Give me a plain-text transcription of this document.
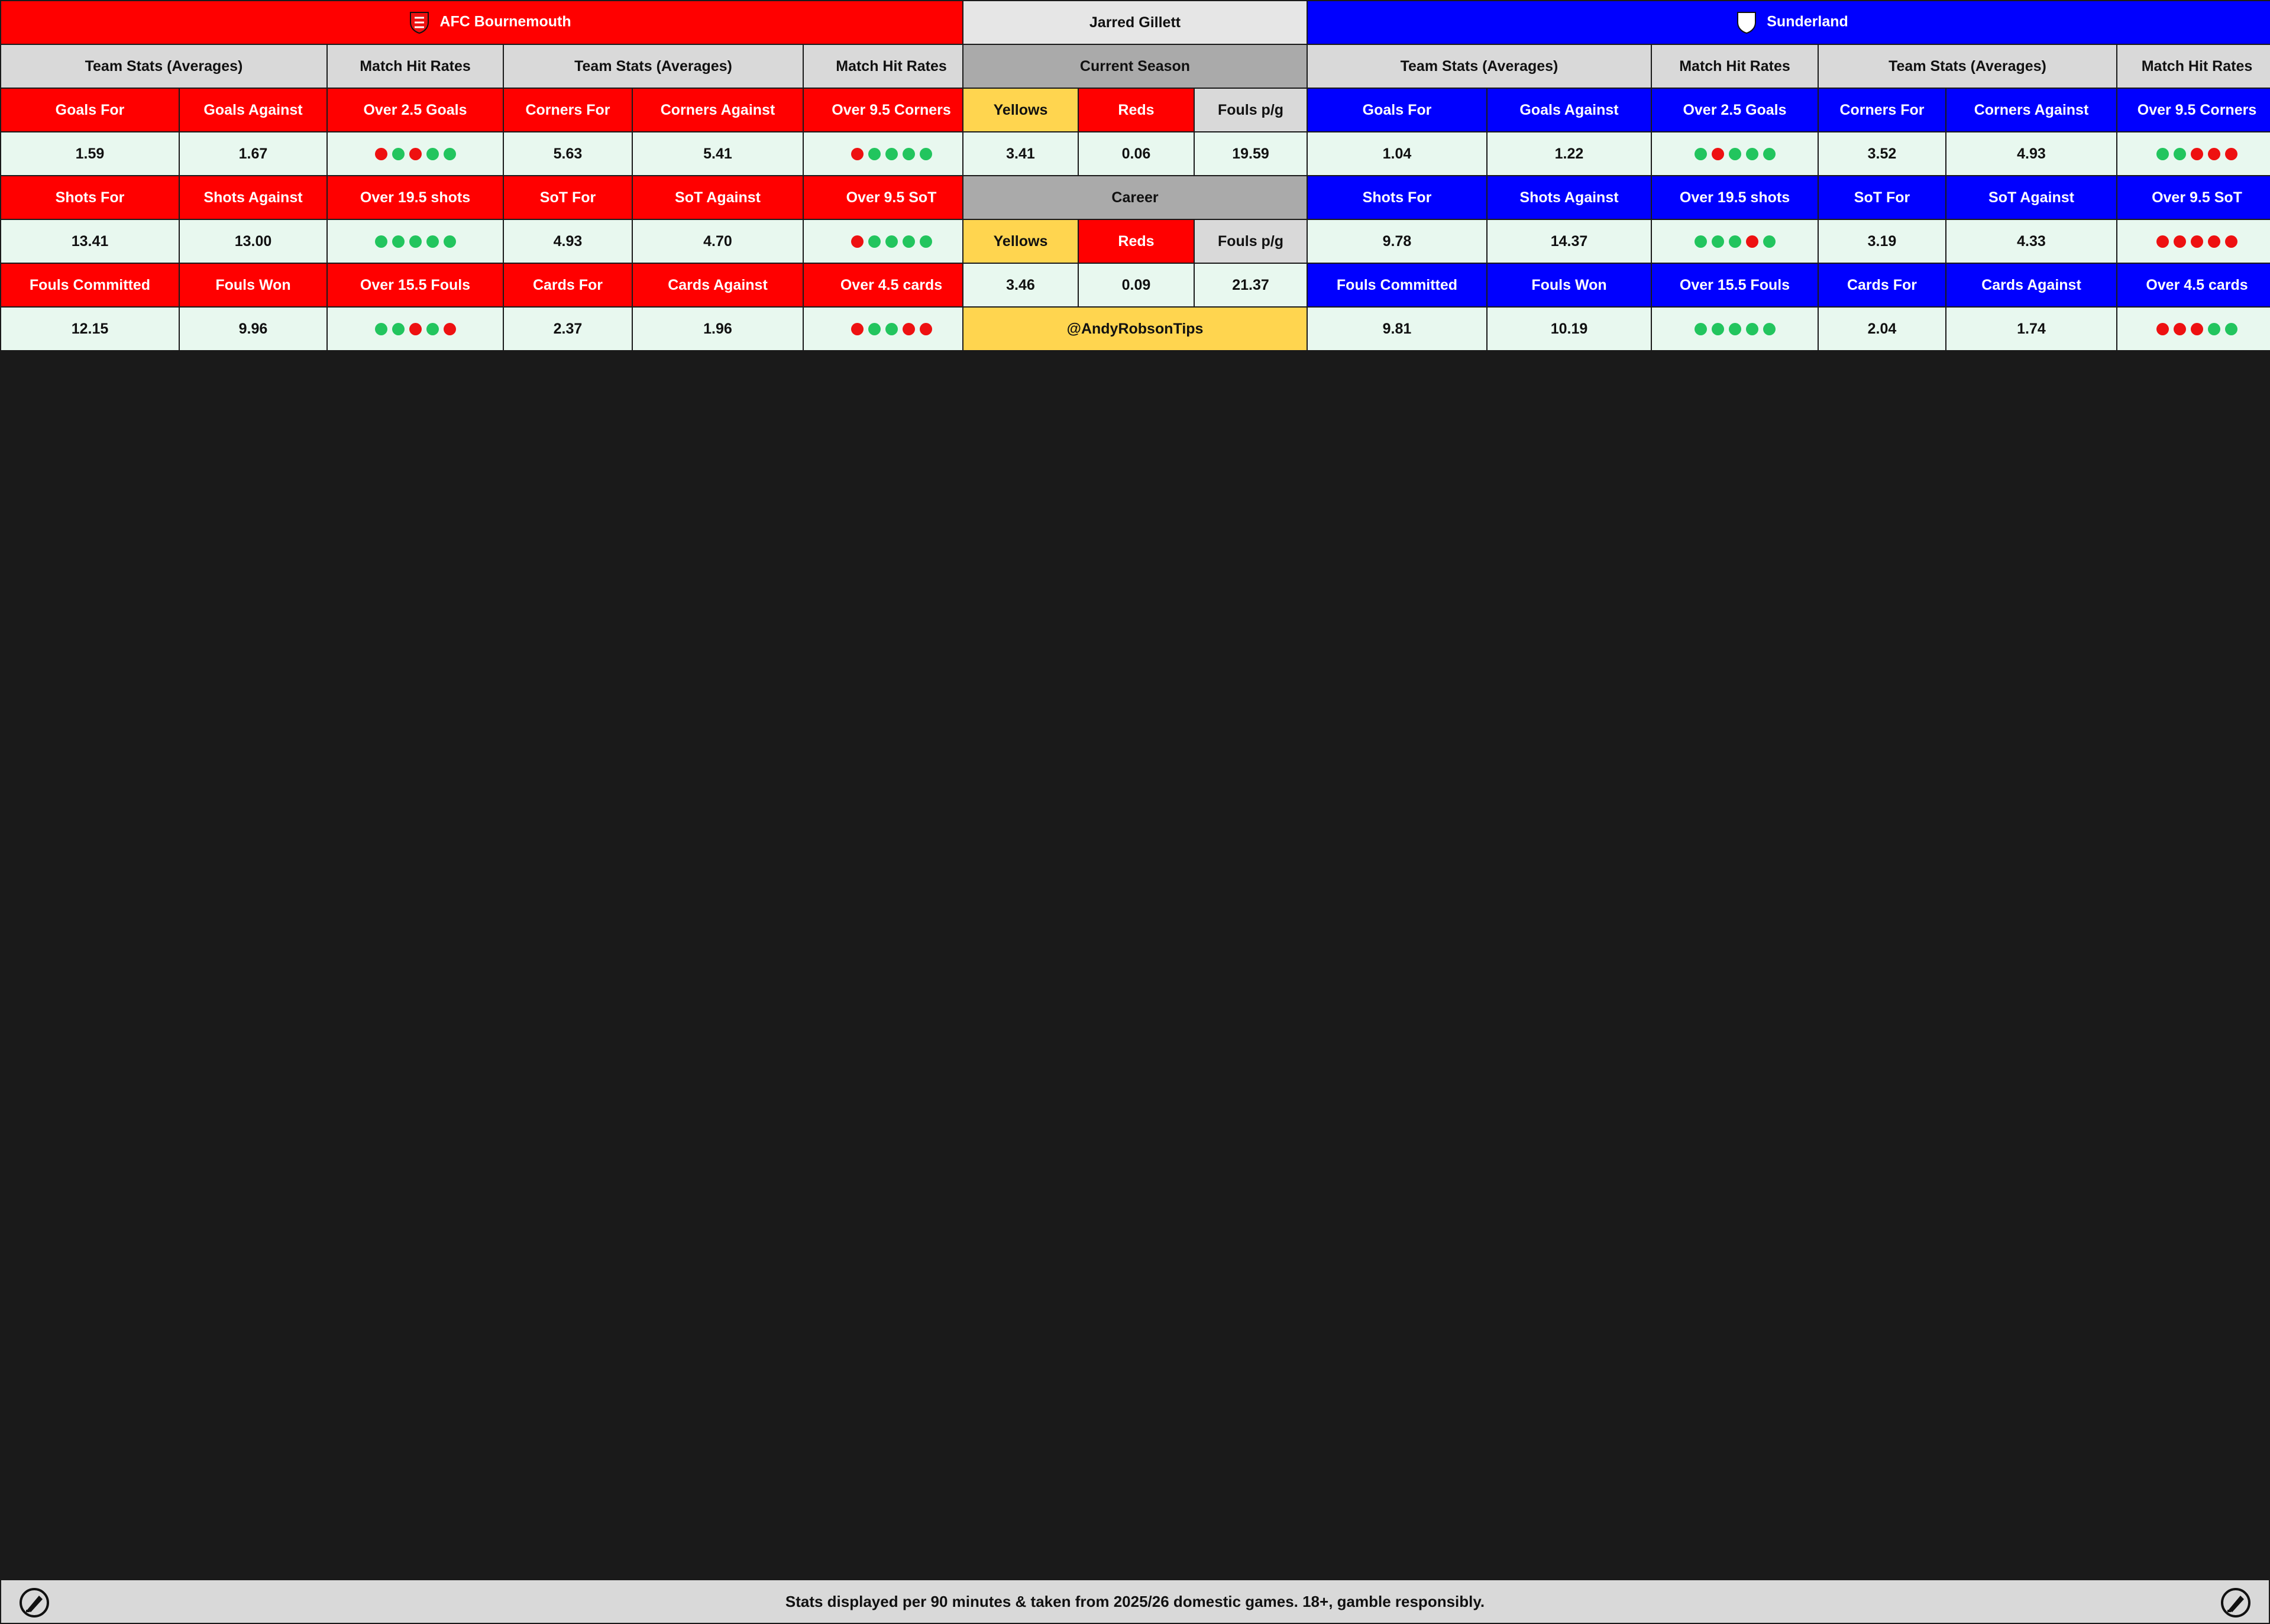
AFC Bournemouth					
Team Stats (Averages)		Match Hit Rates	Team Stats (Averages)		Match Hit Rates
Goals For	Goals Against	Over 2.5 Goals	Corners For	Corners Against	Over 9.5 Corners
1.59	1.67		5.63	5.41	
Shots For	Shots Against	Over 19.5 shots	SoT For	SoT Against	Over 9.5 SoT
13.41	13.00		4.93	4.70	
Fouls Committed	Fouls Won	Over 15.5 Fouls	Cards For	Cards Against	Over 4.5 cards
12.15	9.96		2.37	1.96	
Sunderland					
Team Stats (Averages)		Match Hit Rates	Team Stats (Averages)		Match Hit Rates
Goals For	Goals Against	Over 2.5 Goals	Corners For	Corners Against	Over 9.5 Corners
1.04	1.22		3.52	4.93	
Shots For	Shots Against	Over 19.5 shots	SoT For	SoT Against	Over 9.5 SoT
9.78	14.37		3.19	4.33	
Fouls Committed	Fouls Won	Over 15.5 Fouls	Cards For	Cards Against	Over 4.5 cards
9.81	10.19		2.04	1.74	
Jarred Gillett		
Current Season		
Yellows	Reds	Fouls p/g
3.41	0.06	19.59
Career		
Yellows	Reds	Fouls p/g
3.46	0.09	21.37
@AndyRobsonTips		
Stats displayed per 90 minutes & taken from 2025/26 domestic games. 18+, gamble responsibly.
